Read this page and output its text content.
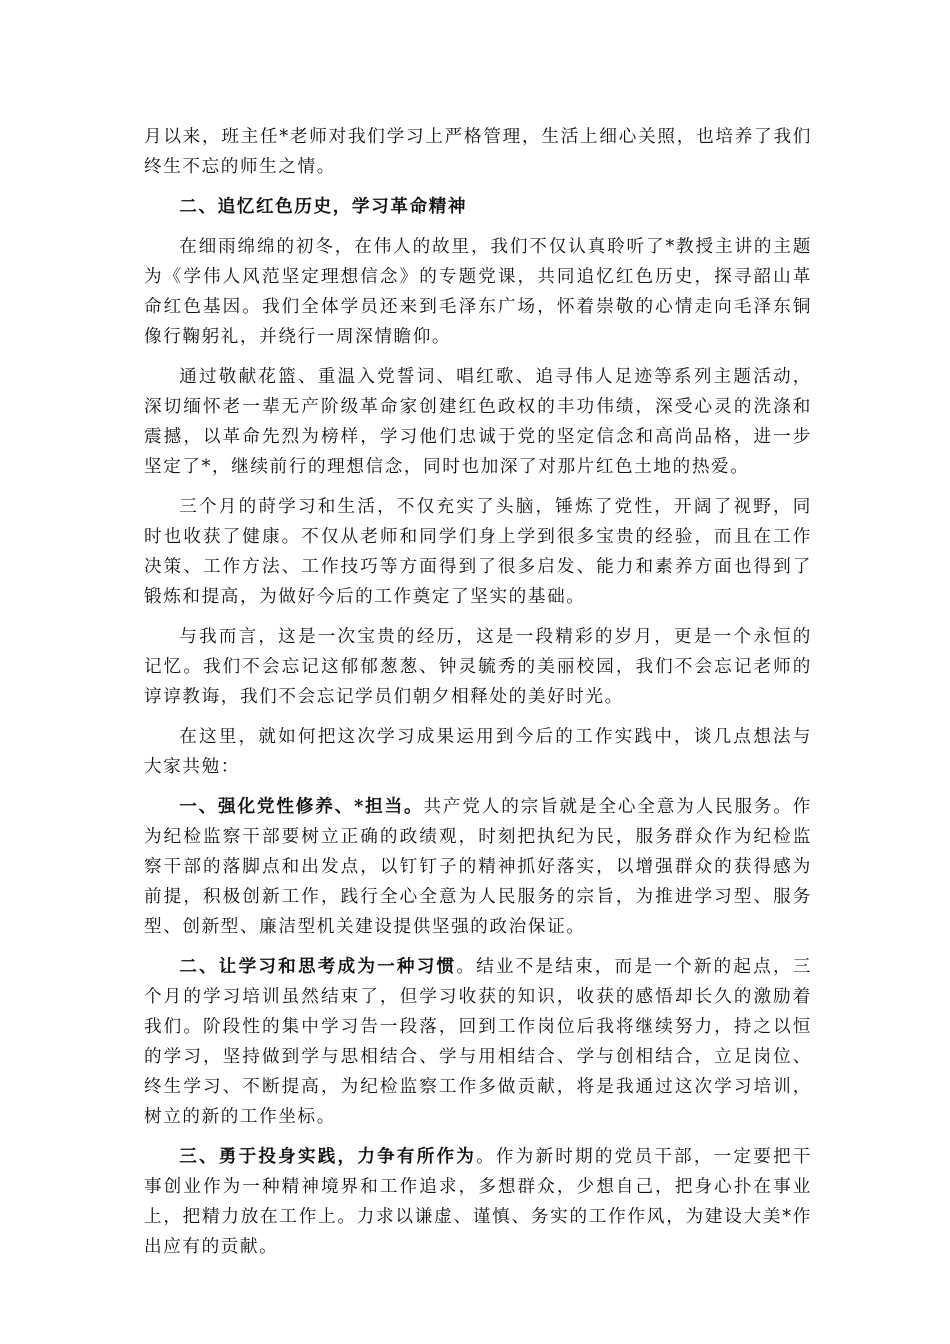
月以来，班主任*老师对我们学习上严格管理，生活上细心关照，也培养了我们终生不忘的师生之情。

二、追忆红色历史，学习革命精神

在细雨绵绵的初冬，在伟人的故里，我们不仅认真聆听了*教授主讲的主题为《学伟人风范坚定理想信念》的专题党课，共同追忆红色历史，探寻韶山革命红色基因。我们全体学员还来到毛泽东广场，怀着崇敬的心情走向毛泽东铜像行鞠躬礼，并绕行一周深情瞻仰。

通过敬献花篮、重温入党誓词、唱红歌、追寻伟人足迹等系列主题活动，深切缅怀老一辈无产阶级革命家创建红色政权的丰功伟绩，深受心灵的洗涤和震撼，以革命先烈为榜样，学习他们忠诚于党的坚定信念和高尚品格，进一步坚定了*，继续前行的理想信念，同时也加深了对那片红色土地的热爱。

三个月的莳学习和生活，不仅充实了头脑，锤炼了党性，开阔了视野，同时也收获了健康。不仅从老师和同学们身上学到很多宝贵的经验，而且在工作决策、工作方法、工作技巧等方面得到了很多启发、能力和素养方面也得到了锻炼和提高，为做好今后的工作奠定了坚实的基础。

与我而言，这是一次宝贵的经历，这是一段精彩的岁月，更是一个永恒的记忆。我们不会忘记这郁郁葱葱、钟灵毓秀的美丽校园，我们不会忘记老师的谆谆教诲，我们不会忘记学员们朝夕相释处的美好时光。

在这里，就如何把这次学习成果运用到今后的工作实践中，谈几点想法与大家共勉：

一、强化党性修养、*担当。共产党人的宗旨就是全心全意为人民服务。作为纪检监察干部要树立正确的政绩观，时刻把执纪为民，服务群众作为纪检监察干部的落脚点和出发点，以钉钉子的精神抓好落实，以增强群众的获得感为前提，积极创新工作，践行全心全意为人民服务的宗旨，为推进学习型、服务型、创新型、廉洁型机关建设提供坚强的政治保证。

二、让学习和思考成为一种习惯。结业不是结束，而是一个新的起点，三个月的学习培训虽然结束了，但学习收获的知识，收获的感悟却长久的激励着我们。阶段性的集中学习告一段落，回到工作岗位后我将继续努力，持之以恒的学习，坚持做到学与思相结合、学与用相结合、学与创相结合，立足岗位、终生学习、不断提高，为纪检监察工作多做贡献，将是我通过这次学习培训，树立的新的工作坐标。

三、勇于投身实践，力争有所作为。作为新时期的党员干部，一定要把干事创业作为一种精神境界和工作追求，多想群众，少想自己，把身心扑在事业上，把精力放在工作上。力求以谦虚、谨慎、务实的工作作风，为建设大美*作出应有的贡献。
